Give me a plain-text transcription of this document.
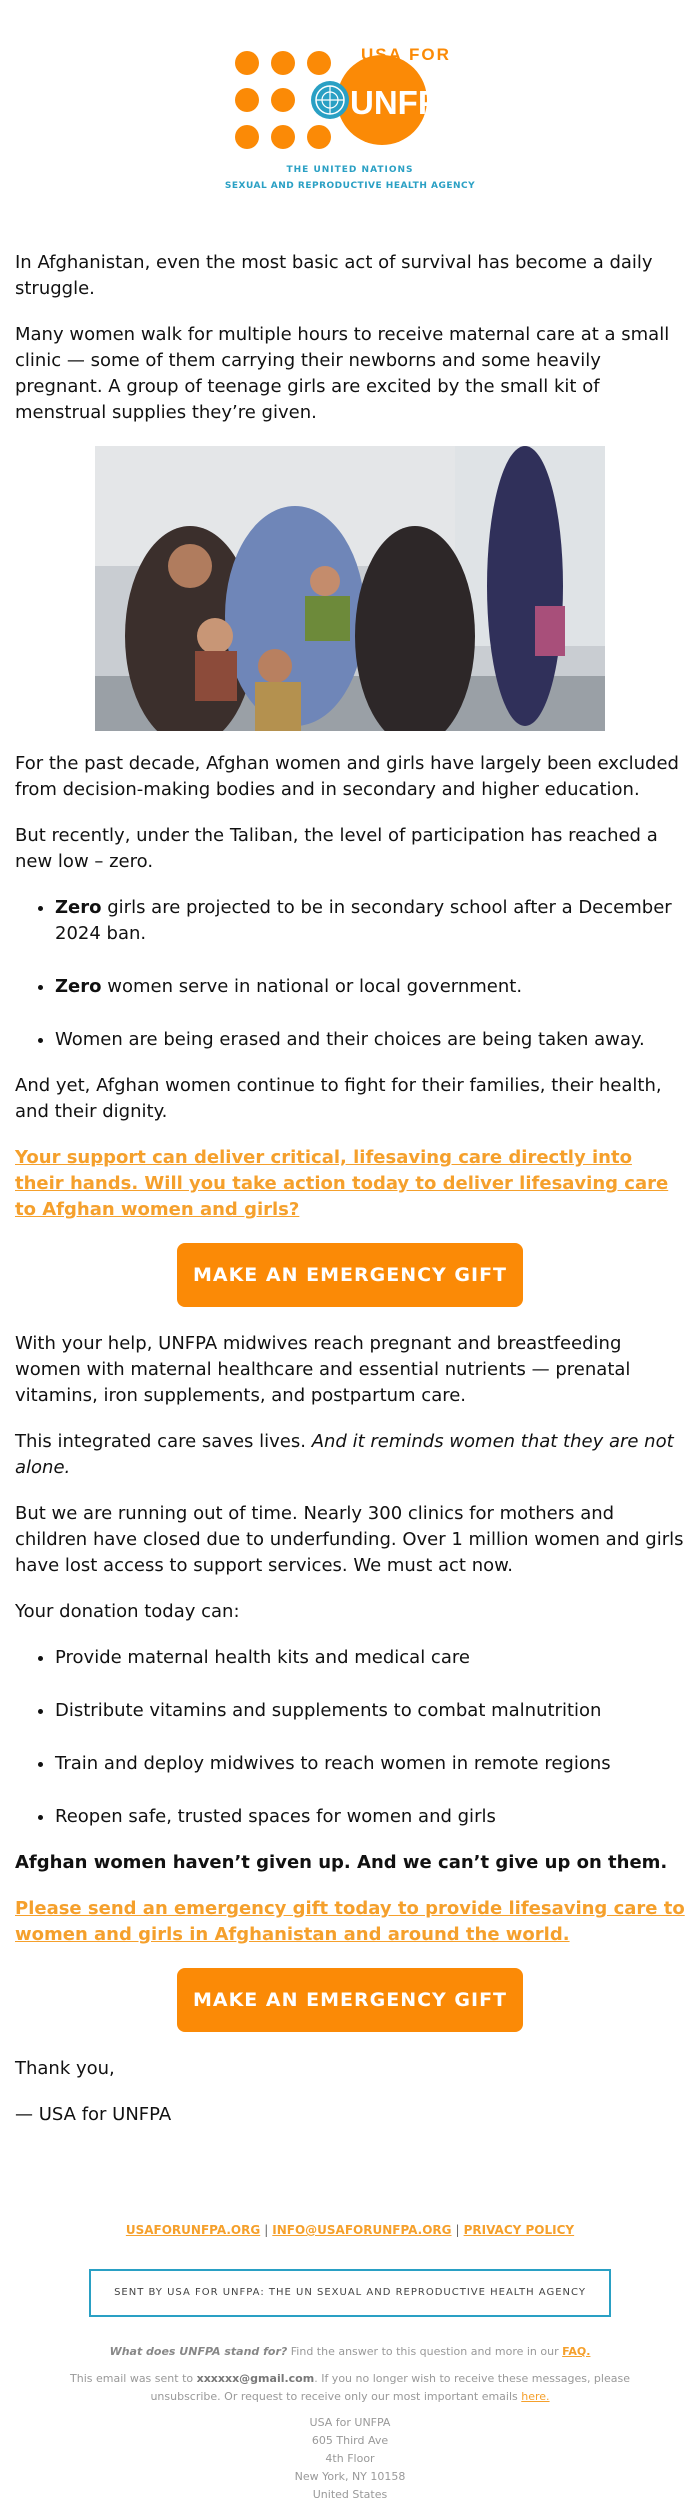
USA FOR
UNFPA
THE UNITED NATIONS
SEXUAL AND REPRODUCTIVE HEALTH AGENCY

In Afghanistan, even the most basic act of survival has become a daily struggle.

Many women walk for multiple hours to receive maternal care at a small clinic — some of them carrying their newborns and some heavily pregnant. A group of teenage girls are excited by the small kit of menstrual supplies they’re given.

For the past decade, Afghan women and girls have largely been excluded from decision-making bodies and in secondary and higher education.

But recently, under the Taliban, the level of participation has reached a new low – zero.

• Zero girls are projected to be in secondary school after a December 2024 ban.
• Zero women serve in national or local government.
• Women are being erased and their choices are being taken away.

And yet, Afghan women continue to fight for their families, their health, and their dignity.

Your support can deliver critical, lifesaving care directly into their hands. Will you take action today to deliver lifesaving care to Afghan women and girls?
MAKE AN EMERGENCY GIFT

With your help, UNFPA midwives reach pregnant and breastfeeding women with maternal healthcare and essential nutrients — prenatal vitamins, iron supplements, and postpartum care.

This integrated care saves lives. And it reminds women that they are not alone.

But we are running out of time. Nearly 300 clinics for mothers and children have closed due to underfunding. Over 1 million women and girls have lost access to support services. We must act now.

Your donation today can:

• Provide maternal health kits and medical care
• Distribute vitamins and supplements to combat malnutrition
• Train and deploy midwives to reach women in remote regions
• Reopen safe, trusted spaces for women and girls

Afghan women haven’t given up. And we can’t give up on them.

Please send an emergency gift today to provide lifesaving care to women and girls in Afghanistan and around the world.
MAKE AN EMERGENCY GIFT

Thank you,

— USA for UNFPA

USAFORUNFPA.ORG | INFO@USAFORUNFPA.ORG | PRIVACY POLICY
SENT BY USA FOR UNFPA: THE UN SEXUAL AND REPRODUCTIVE HEALTH AGENCY
What does UNFPA stand for? Find the answer to this question and more in our FAQ.
This email was sent to xxxxxx@gmail.com. If you no longer wish to receive these messages, please unsubscribe. Or request to receive only our most important emails here.
USA for UNFPA
605 Third Ave
4th Floor
New York, NY 10158
United States
